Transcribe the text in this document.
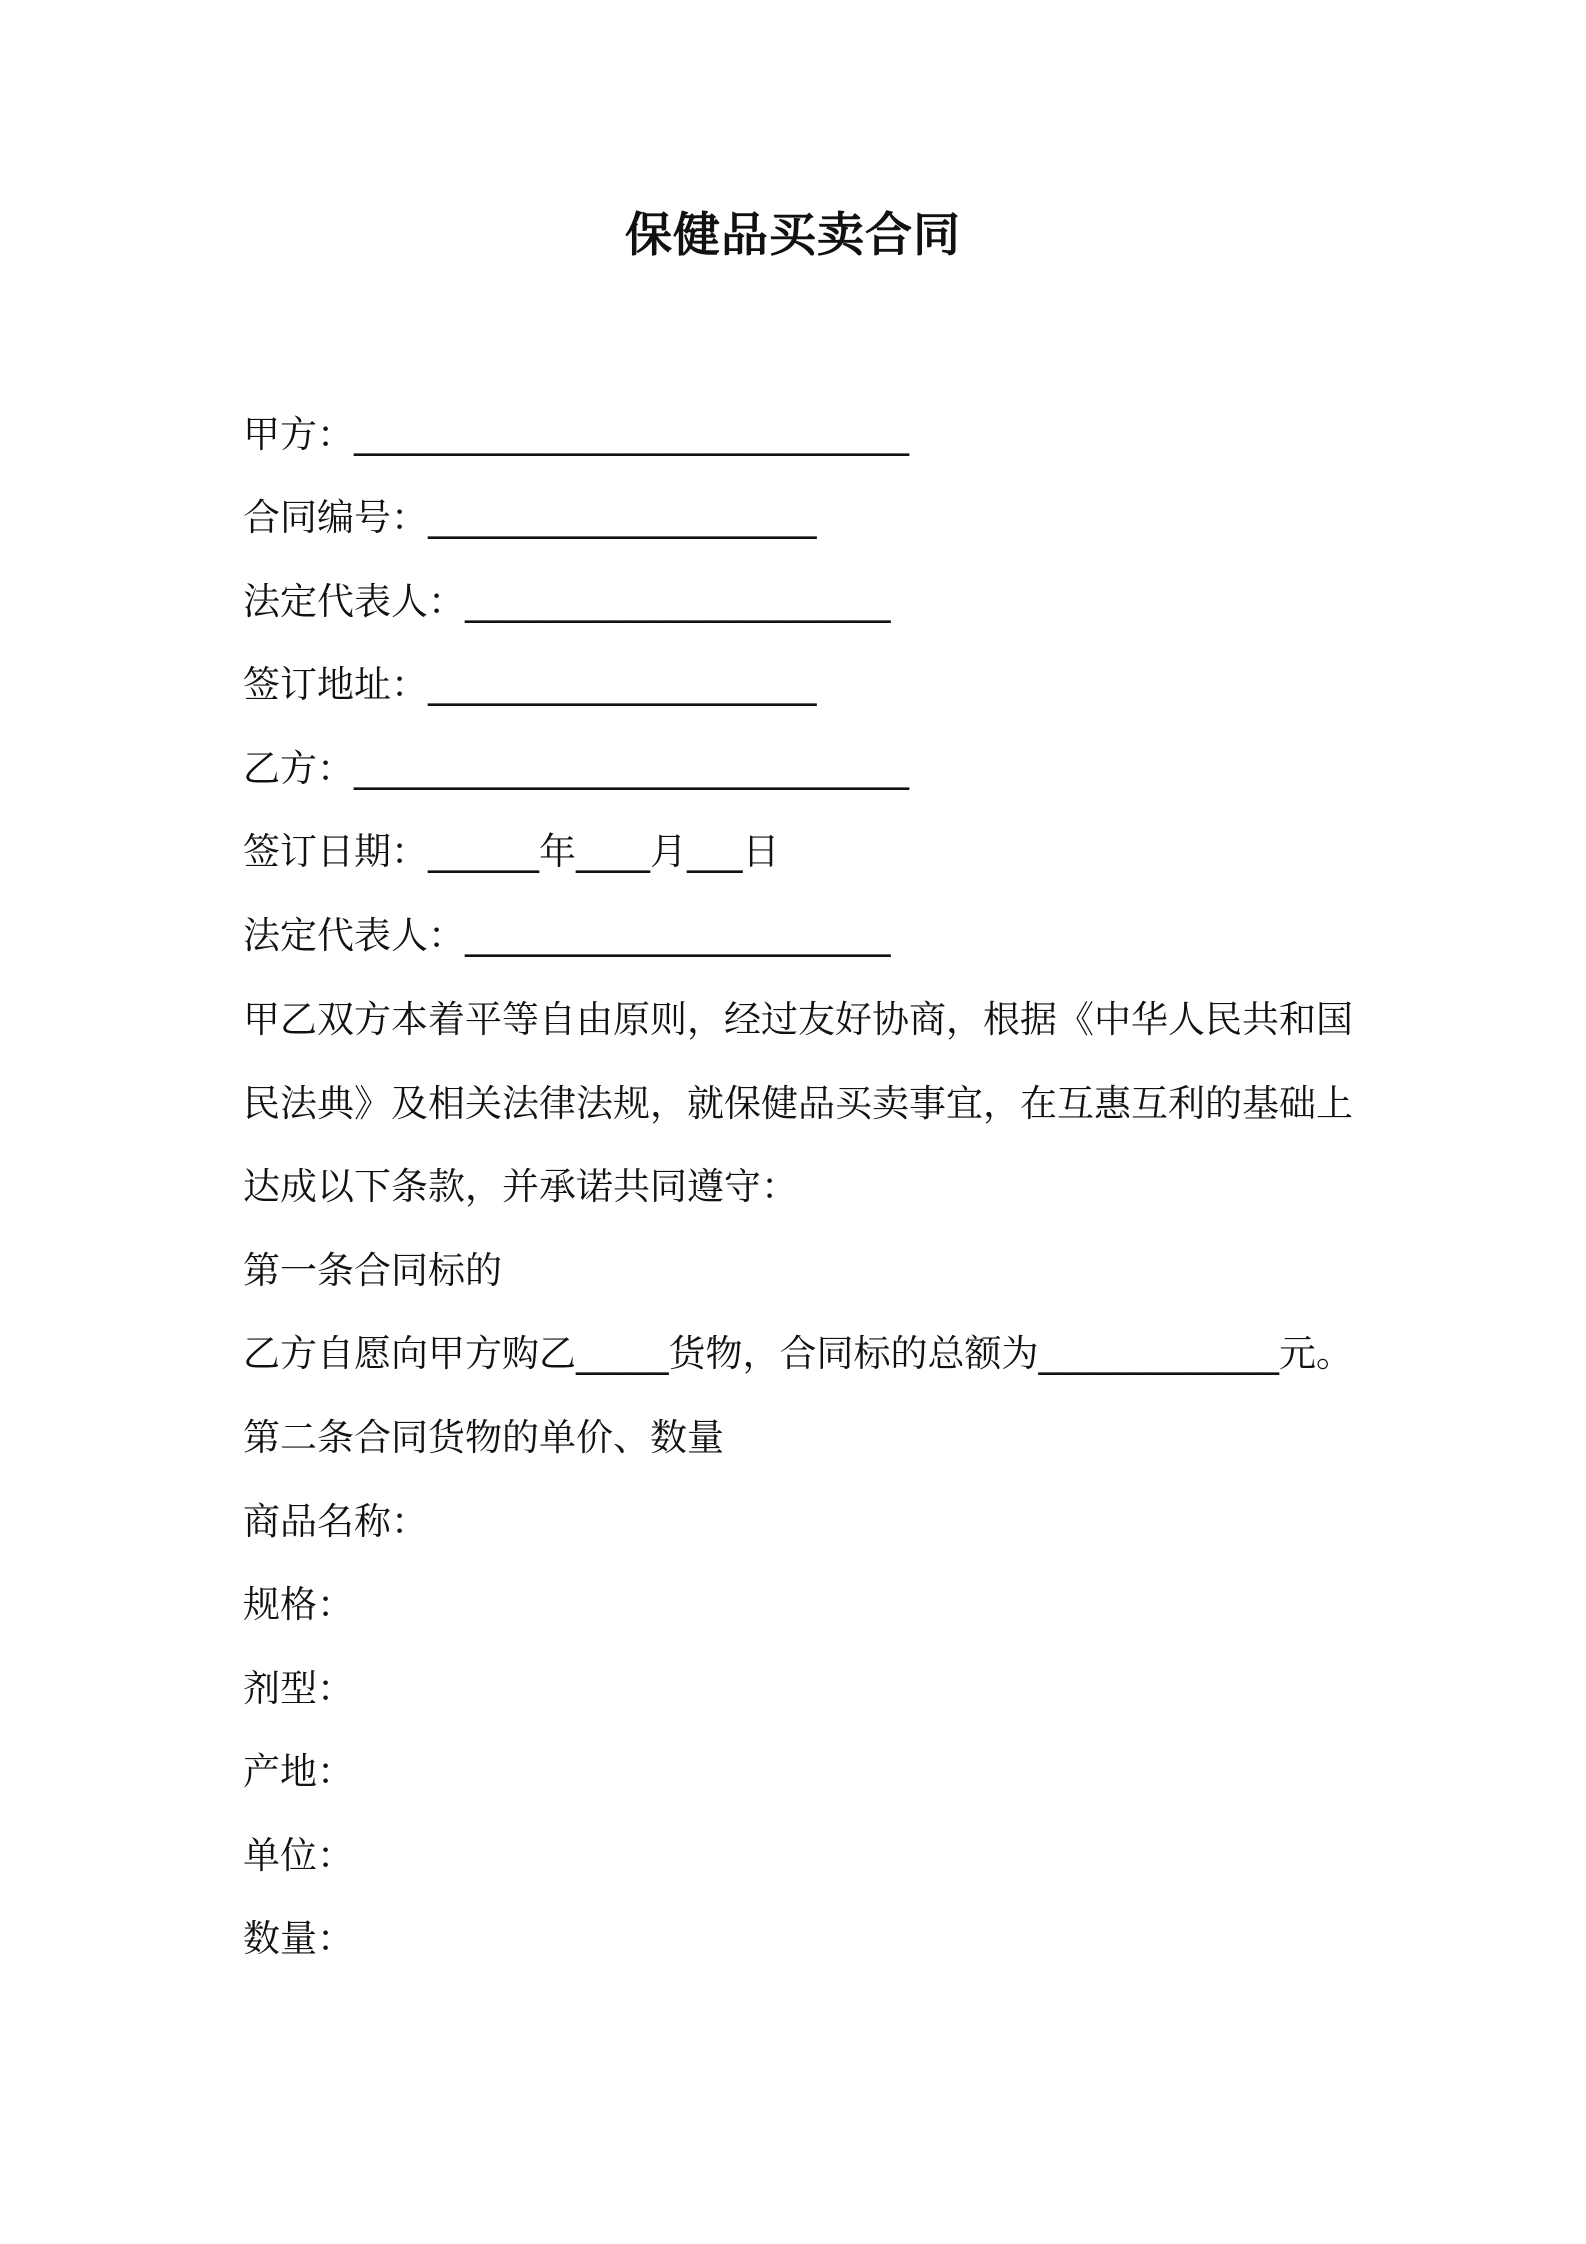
保健品买卖合同
甲方：______________________________
合同编号：_____________________
法定代表人：_______________________
签订地址：_____________________
乙方：______________________________
签订日期：______年____月___日
法定代表人：_______________________
甲乙双方本着平等自由原则，经过友好协商，根据《中华人民共和国
民法典》及相关法律法规，就保健品买卖事宜，在互惠互利的基础上
达成以下条款，并承诺共同遵守：
第一条合同标的
乙方自愿向甲方购乙_____货物，合同标的总额为_____________元。
第二条合同货物的单价、数量
商品名称：
规格：
剂型：
产地：
单位：
数量：
